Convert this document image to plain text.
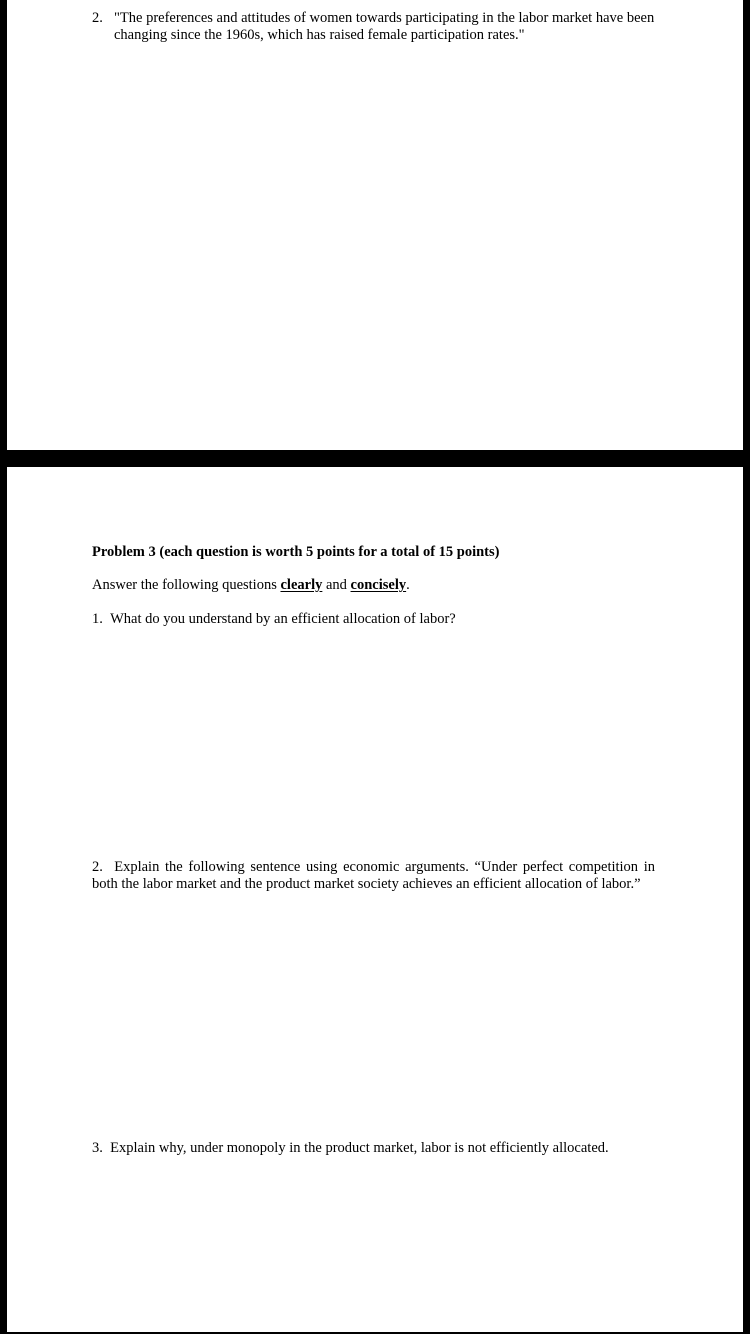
2. "The preferences and attitudes of women towards participating in the labor market have been changing since the 1960s, which has raised female participation rates."
Problem 3 (each question is worth 5 points for a total of 15 points)
Answer the following questions clearly and concisely.
1. What do you understand by an efficient allocation of labor?
2. Explain the following sentence using economic arguments. “Under perfect competition in both the labor market and the product market society achieves an efficient allocation of labor.”
3. Explain why, under monopoly in the product market, labor is not efficiently allocated.
